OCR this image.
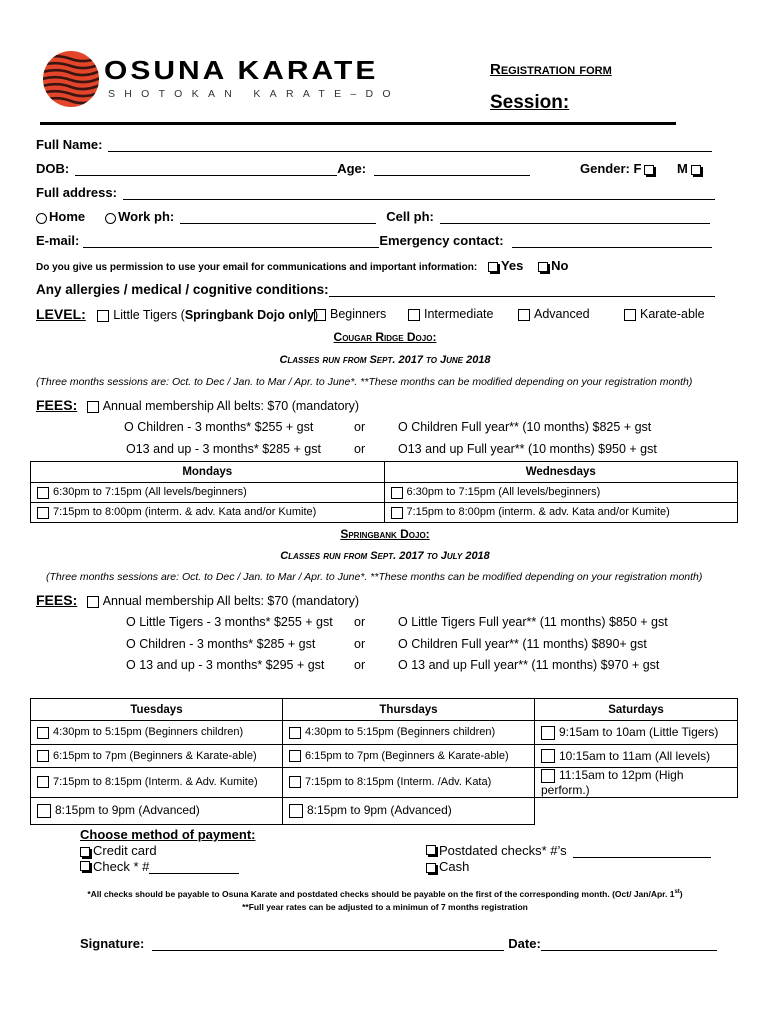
OSUNA KARATE
SHOTOKAN KARATE–DO
Registration form
Session:
Full Name:
DOB:	Age:	Gender: F	M
Full address:
Home	Work ph:	Cell ph:
E-mail:	Emergency contact:
Do you give us permission to use your email for communications and important information: Yes No
Any allergies / medical / cognitive conditions:
LEVEL: Little Tigers (Springbank Dojo only) Beginners	Intermediate	Advanced	Karate-able
Cougar Ridge Dojo:
Classes run from Sept. 2017 to June 2018
(Three months sessions are: Oct. to Dec / Jan. to Mar / Apr. to June*. **These months can be modified depending on your registration month)
FEES: Annual membership All belts: $70 (mandatory)
O Children - 3 months* $255 + gst	or	O Children Full year** (10 months) $825 + gst
O13 and up - 3 months* $285 + gst	or	O13 and up Full year** (10 months) $950 + gst
Mondays	Wednesdays
6:30pm to 7:15pm (All levels/beginners)	6:30pm to 7:15pm (All levels/beginners)
7:15pm to 8:00pm (interm. & adv. Kata and/or Kumite)	7:15pm to 8:00pm (interm. & adv. Kata and/or Kumite)
Springbank Dojo:
Classes run from Sept. 2017 to July 2018
(Three months sessions are: Oct. to Dec / Jan. to Mar / Apr. to June*. **These months can be modified depending on your registration month)
FEES: Annual membership All belts: $70 (mandatory)
O Little Tigers - 3 months* $255 + gst or	O Little Tigers Full year** (11 months) $850 + gst
O Children - 3 months* $285 + gst	or	O Children Full year** (11 months) $890+ gst
O 13 and up - 3 months* $295 + gst or	O 13 and up Full year** (11 months) $970 + gst
Tuesdays	Thursdays	Saturdays
4:30pm to 5:15pm (Beginners children)	4:30pm to 5:15pm (Beginners children)	9:15am to 10am (Little Tigers)
6:15pm to 7pm (Beginners & Karate-able)	6:15pm to 7pm (Beginners & Karate-able)	10:15am to 11am (All levels)
7:15pm to 8:15pm (Interm. & Adv. Kumite)	7:15pm to 8:15pm (Interm. /Adv. Kata)	11:15am to 12pm (High perform.)
8:15pm to 9pm (Advanced)	8:15pm to 9pm (Advanced)	
Choose method of payment:
Credit card
Check * #
Postdated checks* #’s
Cash
*All checks should be payable to Osuna Karate and postdated checks should be payable on the first of the corresponding month. (Oct/ Jan/Apr. 1st)
**Full year rates can be adjusted to a minimun of 7 months registration
Signature:	Date:
